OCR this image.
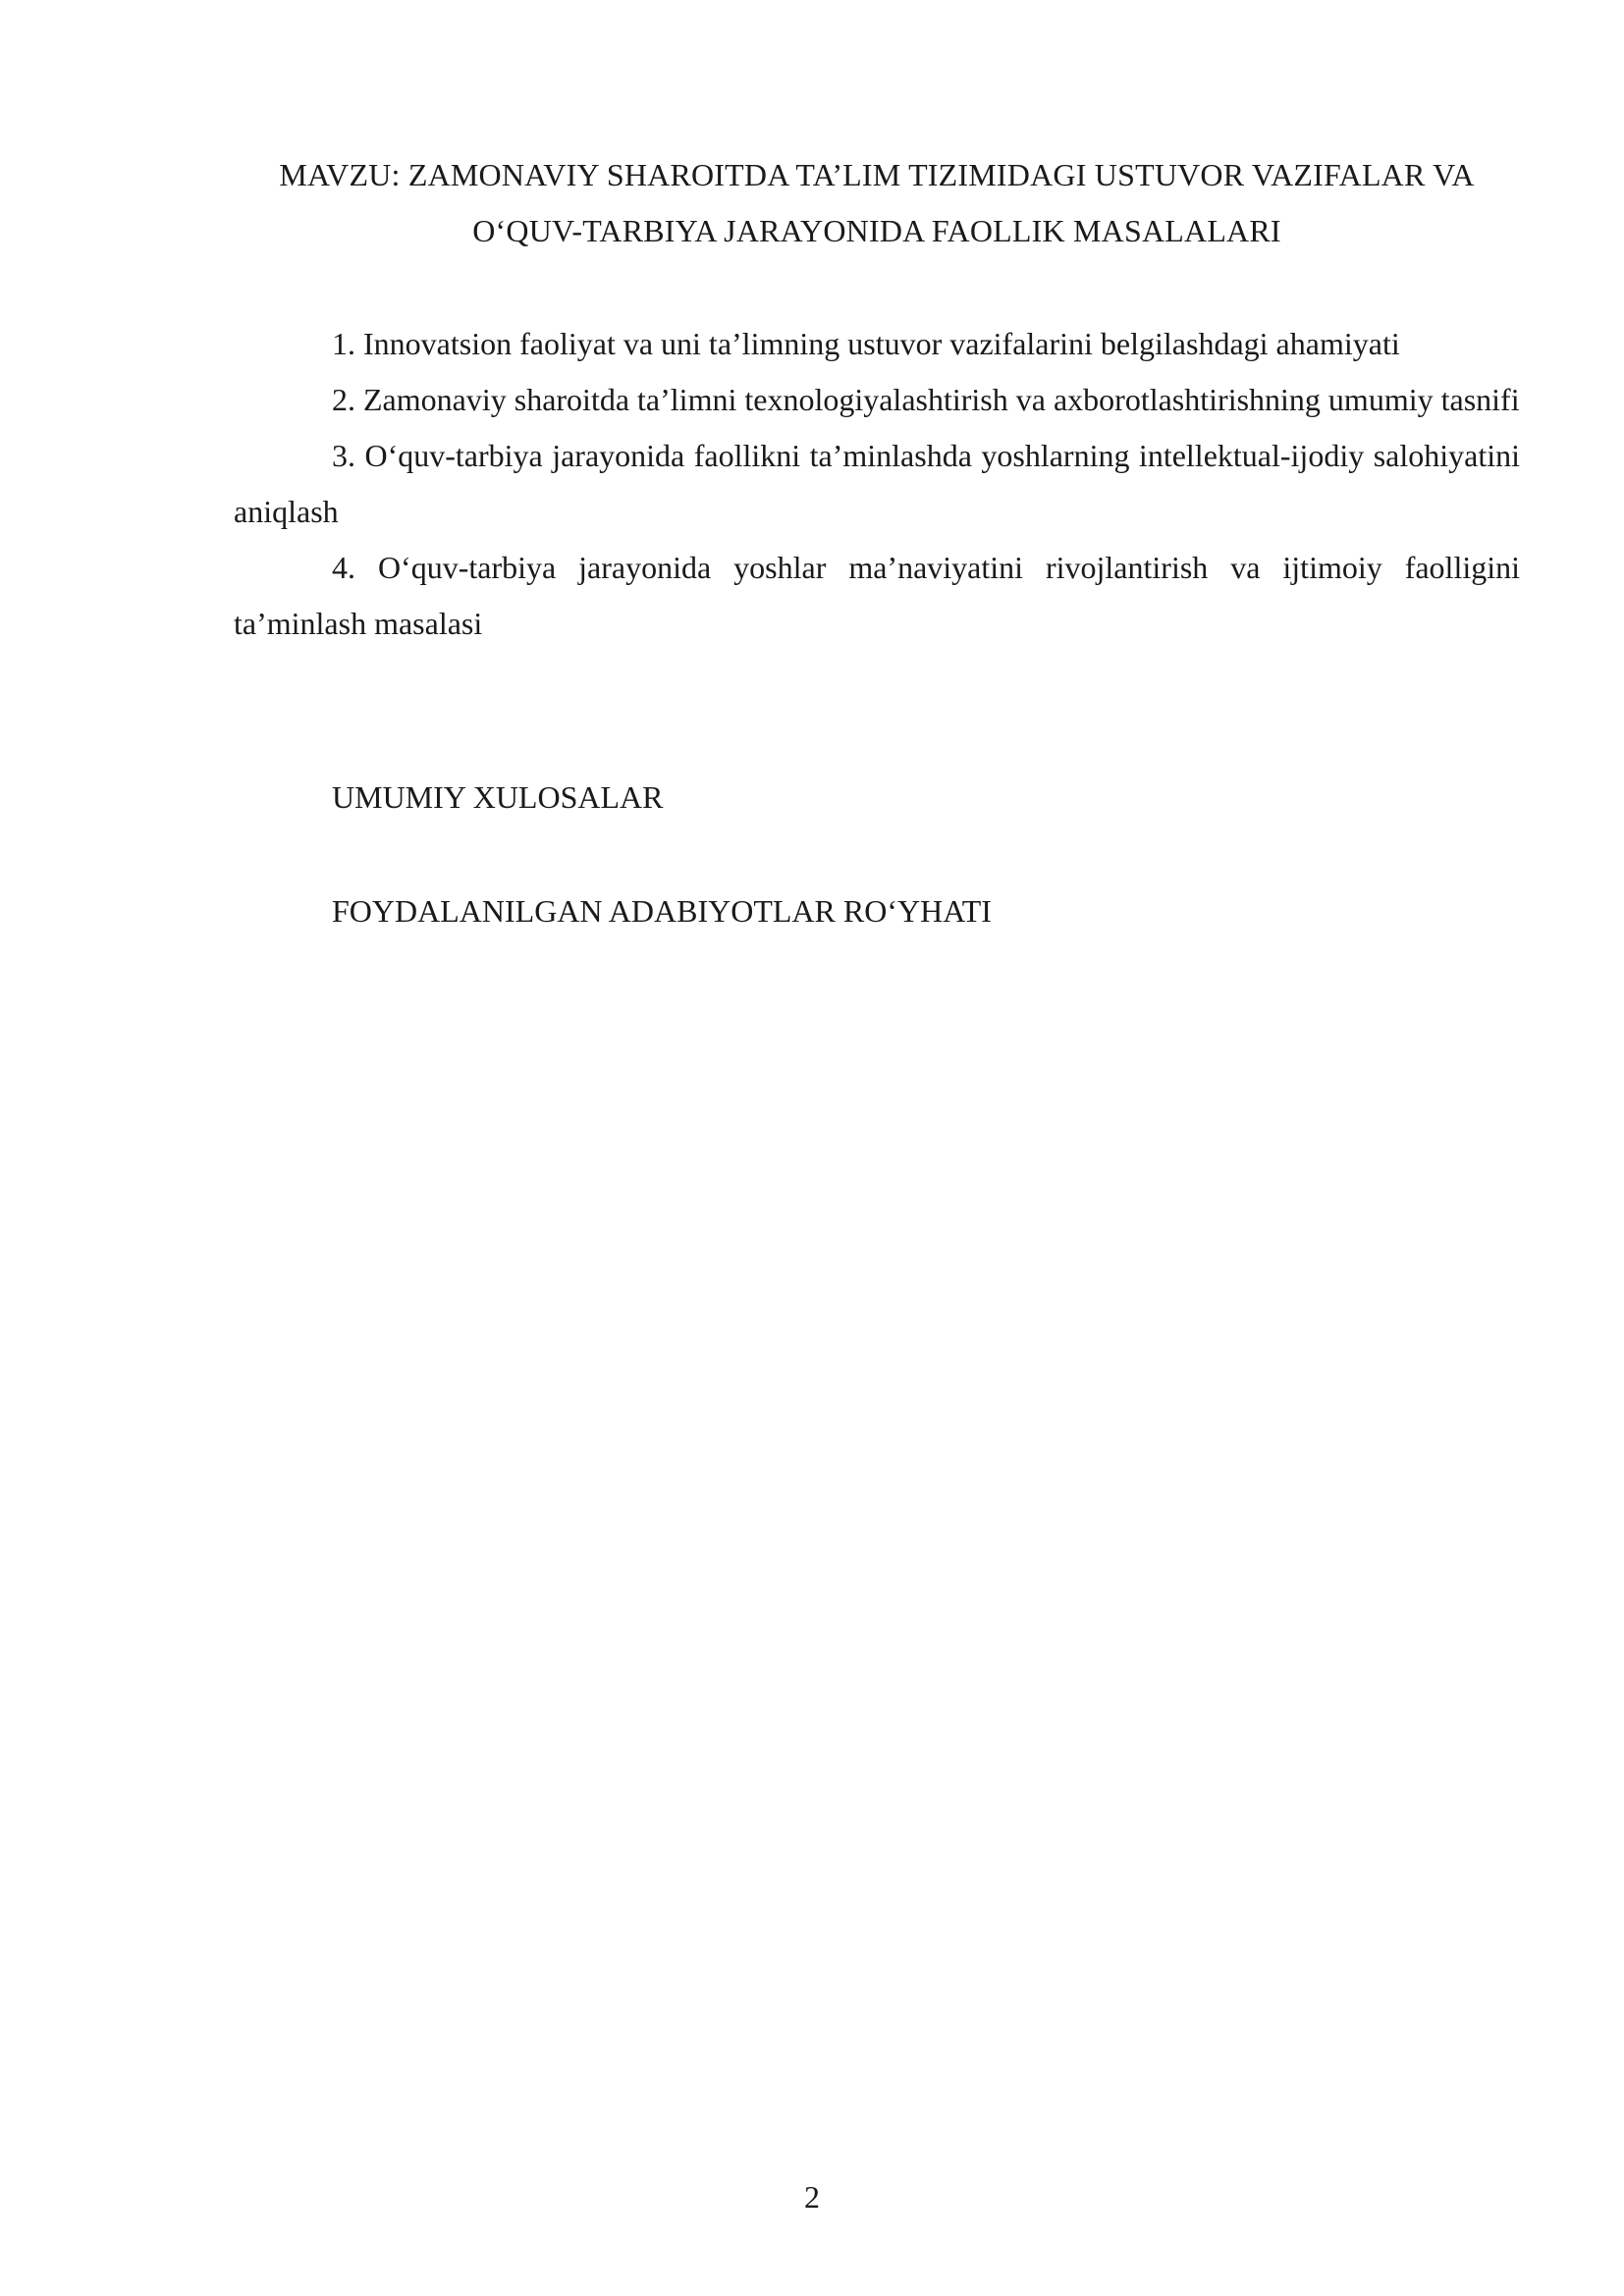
MAVZU: ZAMONAVIY SHAROITDA TA’LIM TIZIMIDAGI USTUVOR VAZIFALAR VA
O‘QUV-TARBIYA JARAYONIDA FAOLLIK MASALALARI

1. Innovatsion faoliyat va uni ta’limning ustuvor vazifalarini belgilashdagi ahamiyati

2. Zamonaviy sharoitda ta’limni texnologiyalashtirish va axborotlashtirishning umumiy tasnifi

3. O‘quv-tarbiya jarayonida faollikni ta’minlashda yoshlarning intellektual-ijodiy salohiyatini aniqlash

4. O‘quv-tarbiya jarayonida yoshlar ma’naviyatini rivojlantirish va ijtimoiy faolligini ta’minlash masalasi

UMUMIY XULOSALAR
FOYDALANILGAN ADABIYOTLAR RO‘YHATI
2
